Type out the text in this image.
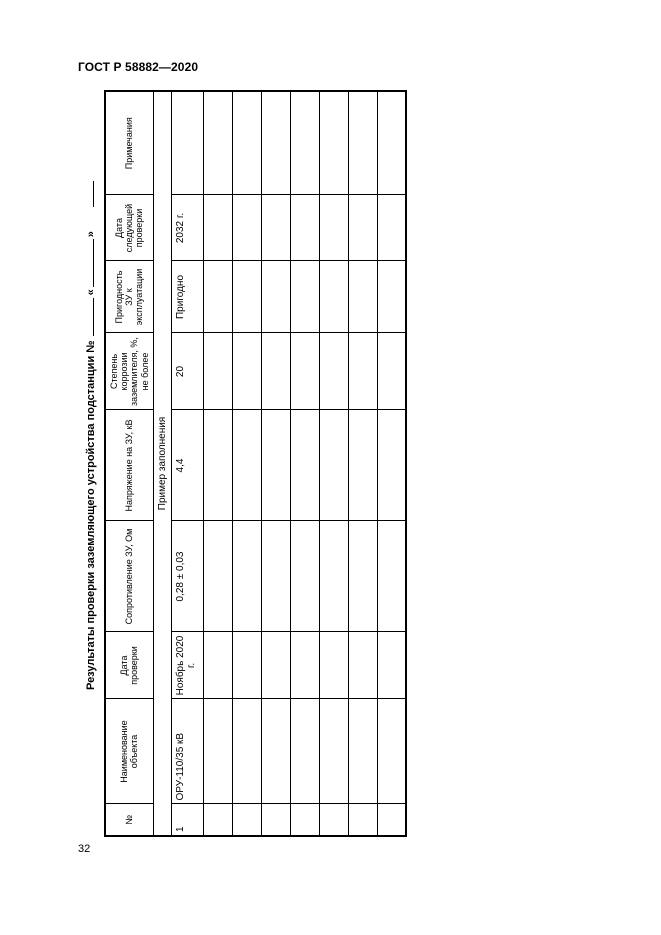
ГОСТ Р 58882—2020
Результаты проверки заземляющего устройства подстанции № «»
№	Наименование объекта	Дата проверки	Сопротивление ЗУ, Ом	Напряжение на ЗУ, кВ	Степень коррозии заземлителя, %, не более	Пригодность ЗУ к эксплуатации	Дата следующей проверки	Примечания
Пример заполнения								
1	ОРУ-110/35 кВ	Ноябрь 2020 г.	0,28 ± 0,03	4,4	20	Пригодно	2032 г.	

32
